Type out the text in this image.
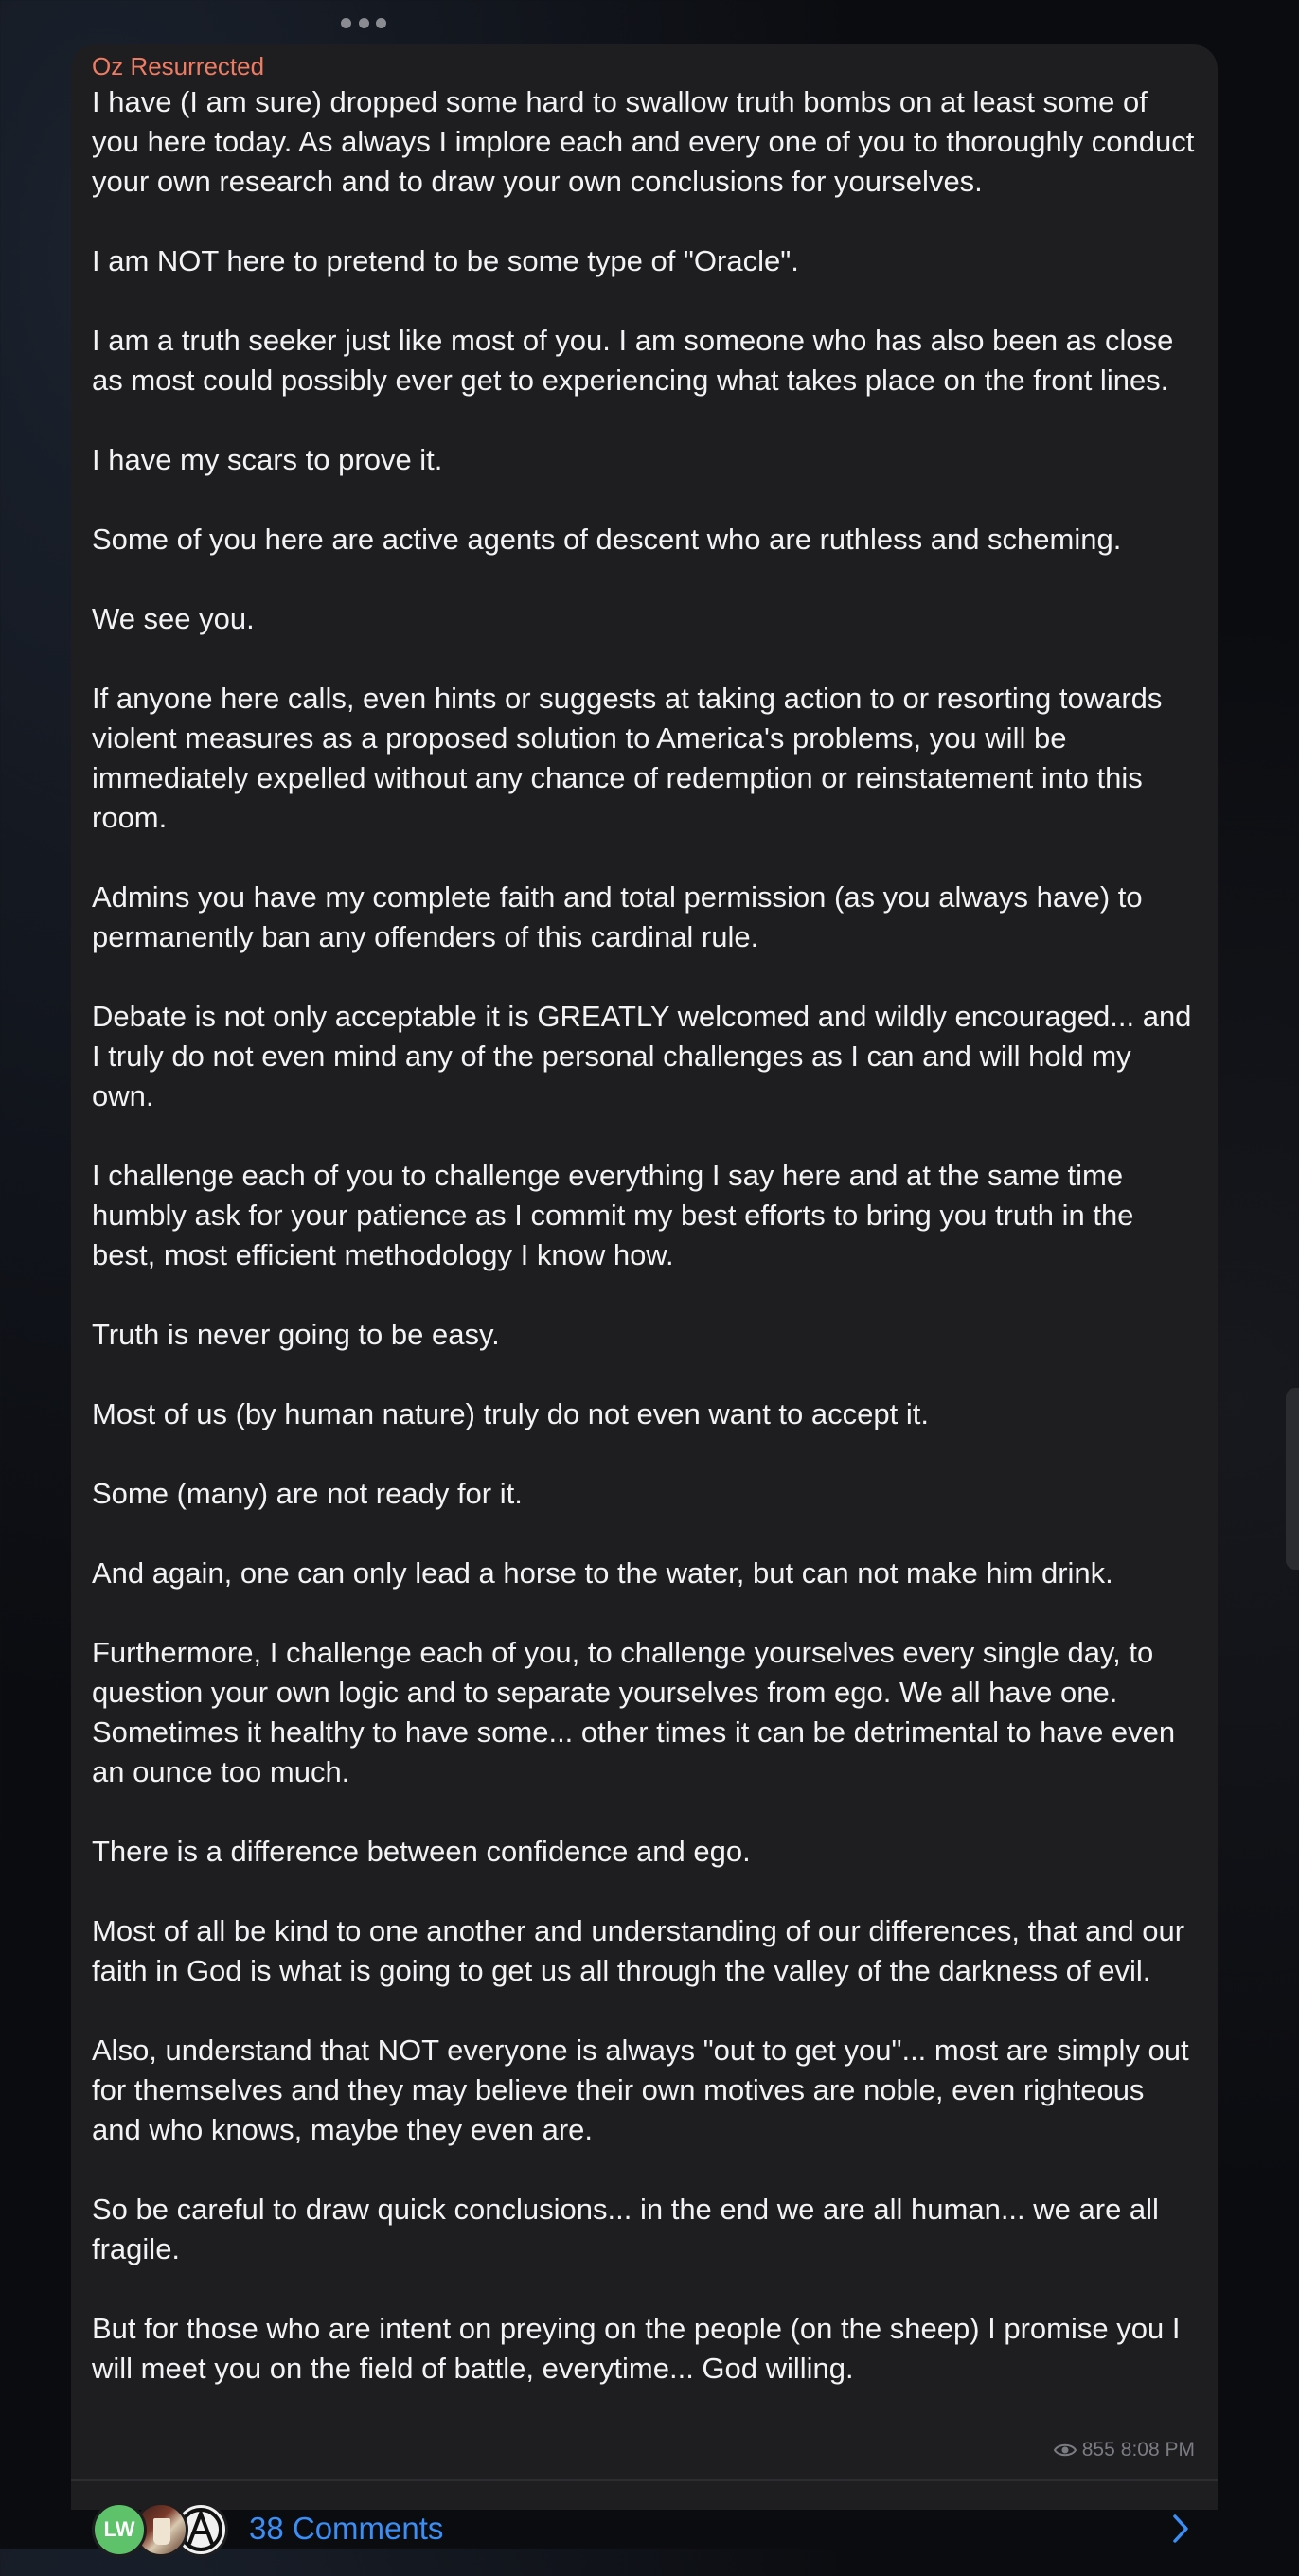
Oz Resurrected

I have (I am sure) dropped some hard to swallow truth bombs on at least some of you here today. As always I implore each and every one of you to thoroughly conduct your own research and to draw your own conclusions for yourselves.

I am NOT here to pretend to be some type of "Oracle".

I am a truth seeker just like most of you. I am someone who has also been as close as most could possibly ever get to experiencing what takes place on the front lines.

I have my scars to prove it.

Some of you here are active agents of descent who are ruthless and scheming.

We see you.

If anyone here calls, even hints or suggests at taking action to or resorting towards violent measures as a proposed solution to America's problems, you will be immediately expelled without any chance of redemption or reinstatement into this room.

Admins you have my complete faith and total permission (as you always have) to permanently ban any offenders of this cardinal rule.

Debate is not only acceptable it is GREATLY welcomed and wildly encouraged... and I truly do not even mind any of the personal challenges as I can and will hold my own.

I challenge each of you to challenge everything I say here and at the same time humbly ask for your patience as I commit my best efforts to bring you truth in the best, most efficient methodology I know how.

Truth is never going to be easy.

Most of us (by human nature) truly do not even want to accept it.

Some (many) are not ready for it.

And again, one can only lead a horse to the water, but can not make him drink.

Furthermore, I challenge each of you, to challenge yourselves every single day, to question your own logic and to separate yourselves from ego. We all have one. Sometimes it healthy to have some... other times it can be detrimental to have even an ounce too much.

There is a difference between confidence and ego.

Most of all be kind to one another and understanding of our differences, that and our faith in God is what is going to get us all through the valley of the darkness of evil.

Also, understand that NOT everyone is always "out to get you"... most are simply out for themselves and they may believe their own motives are noble, even righteous and who knows, maybe they even are.

So be careful to draw quick conclusions... in the end we are all human... we are all fragile.

But for those who are intent on preying on the people (on the sheep) I promise you I will meet you on the field of battle, everytime... God willing.

855 8:08 PM
LW	38 Comments
